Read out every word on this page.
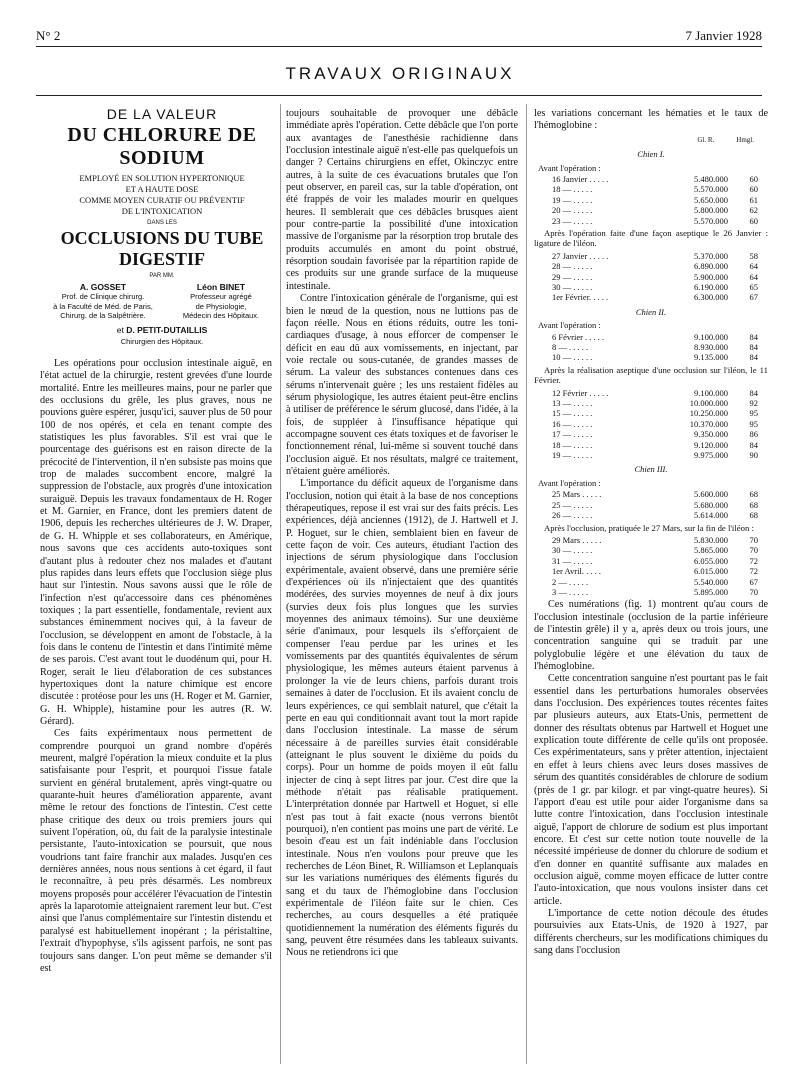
N° 2	7 Janvier 1928
TRAVAUX ORIGINAUX
DE LA VALEUR
DU CHLORURE DE SODIUM
EMPLOYÉ EN SOLUTION HYPERTONIQUE
ET A HAUTE DOSE
COMME MOYEN CURATIF OU PRÉVENTIF
DE L'INTOXICATION
DANS LES
OCCLUSIONS DU TUBE DIGESTIF
PAR MM.
A. GOSSET
Prof. de Clinique chirurg.
à la Faculté de Méd. de Paris,
Chirurg. de la Salpêtrière.
Léon BINET
Professeur agrégé
de Physiologie,
Médecin des Hôpitaux.
et D. PETIT-DUTAILLIS
Chirurgien des Hôpitaux.

Les opérations pour occlusion intestinale aiguë, en l'état actuel de la chirurgie, restent grevées d'une lourde mortalité. Entre les meilleures mains, pour ne parler que des occlusions du grêle, les plus graves, nous ne pouvions guère espérer, jusqu'ici, sauver plus de 50 pour 100 de nos opérés, et cela en tenant compte des statistiques les plus favorables. S'il est vrai que le pourcentage des guérisons est en raison directe de la précocité de l'intervention, il n'en subsiste pas moins que trop de malades succombent encore, malgré la suppression de l'obstacle, aux progrès d'une intoxication suraiguë. Depuis les travaux fondamentaux de H. Roger et M. Garnier, en France, dont les premiers datent de 1906, depuis les recherches ultérieures de J. W. Draper, de G. H. Whipple et ses collaborateurs, en Amérique, nous savons que ces accidents auto-toxiques sont d'autant plus à redouter chez nos malades et d'autant plus rapides dans leurs effets que l'occlusion siège plus haut sur l'intestin. Nous savons aussi que le rôle de l'infection n'est qu'accessoire dans ces phénomènes toxiques ; la part essentielle, fondamentale, revient aux substances éminemment nocives qui, à la faveur de l'occlusion, se développent en amont de l'obstacle, à la fois dans le contenu de l'intestin et dans l'intimité même de ses parois. C'est avant tout le duodénum qui, pour H. Roger, serait le lieu d'élaboration de ces substances hypertoxiques dont la nature chimique est encore discutée : protéose pour les uns (H. Roger et M. Garnier, G. H. Whipple), histamine pour les autres (R. W. Gérard).

Ces faits expérimentaux nous permettent de comprendre pourquoi un grand nombre d'opérés meurent, malgré l'opération la mieux conduite et la plus satisfaisante pour l'esprit, et pourquoi l'issue fatale survient en général brutalement, après vingt-quatre ou quarante-huit heures d'amélioration apparente, avant même le retour des fonctions de l'intestin. C'est cette phase critique des deux ou trois premiers jours qui suivent l'opération, où, du fait de la paralysie intestinale persistante, l'auto-intoxication se poursuit, que nous voudrions tant faire franchir aux malades. Jusqu'en ces dernières années, nous nous sentions à cet égard, il faut le reconnaître, à peu près désarmés. Les nombreux moyens proposés pour accélérer l'évacuation de l'intestin après la laparotomie atteignaient rarement leur but. C'est ainsi que l'anus complémentaire sur l'intestin distendu et paralysé est habituellement inopérant ; la péristaltine, l'extrait d'hypophyse, s'ils agissent parfois, ne sont pas toujours sans danger. L'on peut même se demander s'il est

toujours souhaitable de provoquer une débâcle immédiate après l'opération. Cette débâcle que l'on porte aux avantages de l'anesthésie rachidienne dans l'occlusion intestinale aiguë n'est-elle pas quelquefois un danger ? Certains chirurgiens en effet, Okinczyc entre autres, à la suite de ces évacuations brutales que l'on peut observer, en pareil cas, sur la table d'opération, ont été frappés de voir les malades mourir en quelques heures. Il semblerait que ces débâcles brusques aient pour contre-partie la possibilité d'une intoxication massive de l'organisme par la résorption trop brutale des produits accumulés en amont du point obstrué, résorption soudain favorisée par la répartition rapide de ces produits sur une grande surface de la muqueuse intestinale.

Contre l'intoxication générale de l'organisme, qui est bien le nœud de la question, nous ne luttions pas de façon réelle. Nous en étions réduits, outre les toni-cardiaques d'usage, à nous efforcer de compenser le déficit en eau dû aux vomissements, en injectant, par voie rectale ou sous-cutanée, de grandes masses de sérum. La valeur des substances contenues dans ces sérums n'intervenait guère ; les uns restaient fidèles au sérum physiologique, les autres étaient peut-être enclins à utiliser de préférence le sérum glucosé, dans l'idée, à la fois, de suppléer à l'insuffisance hépatique qui accompagne souvent ces états toxiques et de favoriser le fonctionnement rénal, lui-même si souvent touché dans l'occlusion aiguë. Et nos résultats, malgré ce traitement, n'étaient guère améliorés.

L'importance du déficit aqueux de l'organisme dans l'occlusion, notion qui était à la base de nos conceptions thérapeutiques, repose il est vrai sur des faits précis. Les expériences, déjà anciennes (1912), de J. Hartwell et J. P. Hoguet, sur le chien, semblaient bien en faveur de cette façon de voir. Ces auteurs, étudiant l'action des injections de sérum physiologique dans l'occlusion expérimentale, avaient observé, dans une première série d'expériences où ils n'injectaient que des quantités modérées, des survies moyennes de neuf à dix jours (survies deux fois plus longues que les survies moyennes des animaux témoins). Sur une deuxième série d'animaux, pour lesquels ils s'efforçaient de compenser l'eau perdue par les urines et les vomissements par des quantités équivalentes de sérum physiologique, les mêmes auteurs étaient parvenus à prolonger la vie de leurs chiens, parfois durant trois semaines à dater de l'occlusion. Et ils avaient conclu de leurs expériences, ce qui semblait naturel, que c'était la perte en eau qui conditionnait avant tout la mort rapide dans l'occlusion intestinale. La masse de sérum nécessaire à de pareilles survies était considérable (atteignant le plus souvent le dixième du poids du corps). Pour un homme de poids moyen il eût fallu injecter de cinq à sept litres par jour. C'est dire que la méthode n'était pas réalisable pratiquement. L'interprétation donnée par Hartwell et Hoguet, si elle n'est pas tout à fait exacte (nous verrons bientôt pourquoi), n'en contient pas moins une part de vérité. Le besoin d'eau est un fait indéniable dans l'occlusion intestinale. Nous n'en voulons pour preuve que les recherches de Léon Binet, R. Williamson et Leplanquais sur les variations numériques des éléments figurés du sang et du taux de l'hémoglobine dans l'occlusion expérimentale de l'iléon faite sur le chien. Ces recherches, au cours desquelles a été pratiquée quotidiennement la numération des éléments figurés du sang, peuvent être résumées dans les tableaux suivants. Nous ne retiendrons ici que

les variations concernant les hématies et le taux de l'hémoglobine :

Gl. R.	Hmgl.
Chien I.
Avant l'opération :
16 Janvier . . . . .	5.480.000	60
18 — . . . . .	5.570.000	60
19 — . . . . .	5.650.000	61
20 — . . . . .	5.800.000	62
23 — . . . . .	5.570.000	60
Après l'opération faite d'une façon aseptique le 26 Janvier : ligature de l'iléon.
27 Janvier . . . . .	5.370.000	58
28 — . . . . .	6.890.000	64
29 — . . . . .	5.900.000	64
30 — . . . . .	6.190.000	65
1er Février. . . . .	6.300.000	67
Chien II.
Avant l'opération :
6 Février . . . . .	9.100.000	84
8 — . . . . .	8.930.000	84
10 — . . . . .	9.135.000	84
Après la réalisation aseptique d'une occlusion sur l'iléon, le 11 Février.
12 Février . . . . .	9.100.000	84
13 — . . . . .	10.000.000	92
15 — . . . . .	10.250.000	95
16 — . . . . .	10.370.000	95
17 — . . . . .	9.350.000	86
18 — . . . . .	9.120.000	84
19 — . . . . .	9.975.000	90
Chien III.
Avant l'opération :
25 Mars . . . . .	5.600.000	68
25 — . . . . .	5.680.000	68
26 — . . . . .	5.614.000	68
Après l'occlusion, pratiquée le 27 Mars, sur la fin de l'iléon :
29 Mars . . . . .	5.830.000	70
30 — . . . . .	5.865.000	70
31 — . . . . .	6.055.000	72
1er Avril. . . . .	6.015.000	72
2 — . . . . .	5.540.000	67
3 — . . . . .	5.895.000	70

Ces numérations (fig. 1) montrent qu'au cours de l'occlusion intestinale (occlusion de la partie inférieure de l'intestin grêle) il y a, après deux ou trois jours, une concentration sanguine qui se traduit par une polyglobulie légère et une élévation du taux de l'hémoglobine.

Cette concentration sanguine n'est pourtant pas le fait essentiel dans les perturbations humorales observées dans l'occlusion. Des expériences toutes récentes faites par plusieurs auteurs, aux Etats-Unis, permettent de donner des résultats obtenus par Hartwell et Hoguet une explication toute différente de celle qu'ils ont proposée. Ces expérimentateurs, sans y prêter attention, injectaient en effet à leurs chiens avec leurs doses massives de sérum des quantités considérables de chlorure de sodium (près de 1 gr. par kilogr. et par vingt-quatre heures). Si l'apport d'eau est utile pour aider l'organisme dans sa lutte contre l'intoxication, dans l'occlusion intestinale aiguë, l'apport de chlorure de sodium est plus important encore. Et c'est sur cette notion toute nouvelle de la nécessité impérieuse de donner du chlorure de sodium et d'en donner en quantité suffisante aux malades en occlusion aiguë, comme moyen efficace de lutter contre l'auto-intoxication, que nous voulons insister dans cet article.

L'importance de cette notion découle des études poursuivies aux Etats-Unis, de 1920 à 1927, par différents chercheurs, sur les modifications chimiques du sang dans l'occlusion
